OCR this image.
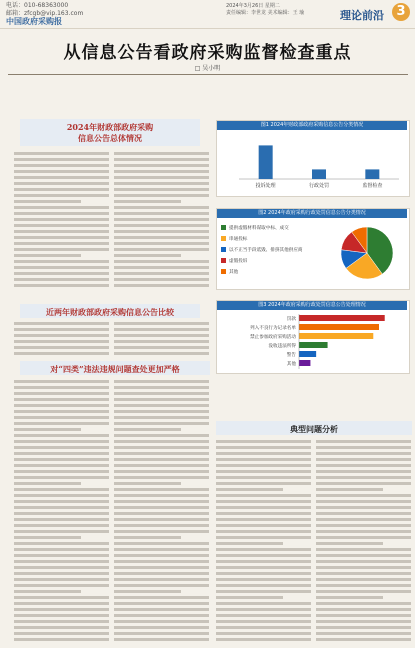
电话：010-68363000
邮箱：zfcgb@vip.163.com
中国政府采购报
2024年3月26日 星期二
责任编辑：李世龙 美术编辑：王 瑜	理论前沿 3
从信息公告看政府采购监督检查重点
□ 吴小明
2024年财政部政府采购
信息公告总体情况
近两年财政部政府采购信息公告比较
对“四类”违法违规问题查处更加严格
典型问题分析
图1 2024年财政部政府采购信息公告分类情况
投诉处理	行政处罚	监督检查
图2 2024年政府采购行政处罚信息公告分类情况
提供虚假材料谋取中标、成交
串通投标
以不正当手段诋毁、排挤其他供应商
虚假投诉
其他
图3 2024年政府采购行政处罚信息公告处理情况
罚款
列入不良行为记录名单
禁止参加政府采购活动
没收违法所得
警告
其他
